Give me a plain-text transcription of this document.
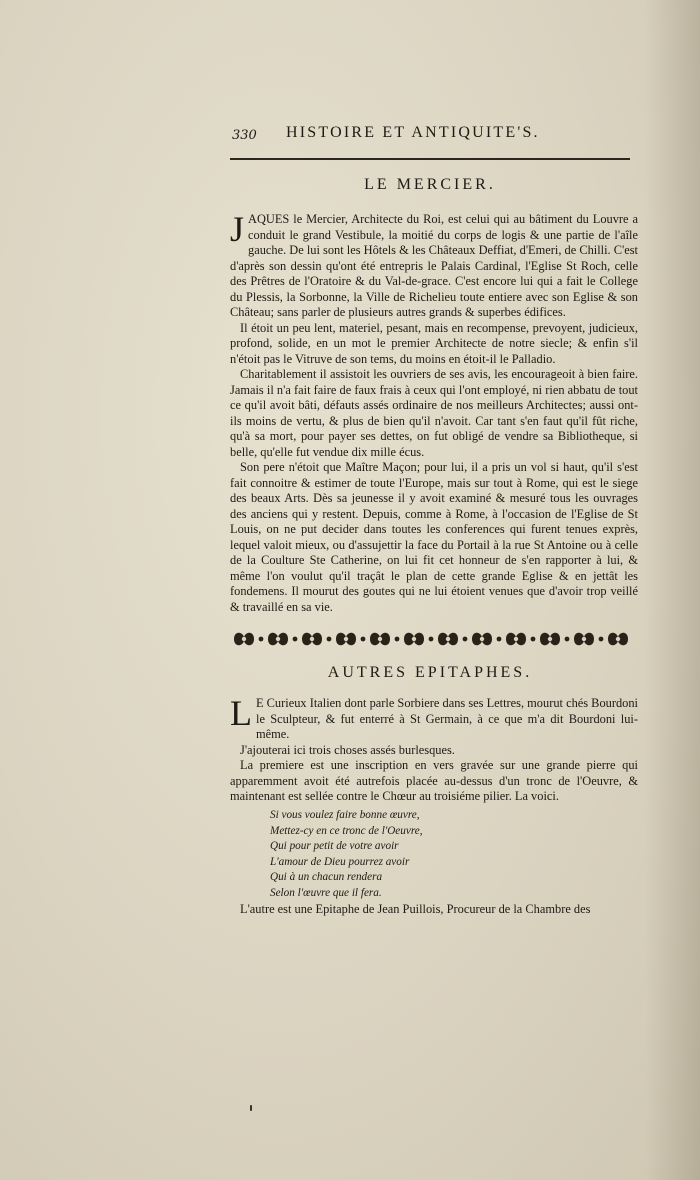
330 HISTOIRE ET ANTIQUITE'S.
LE MERCIER.

JAQUES le Mercier, Architecte du Roi, est celui qui au bâtiment du Louvre a conduit le grand Vestibule, la moitié du corps de logis & une partie de l'aîle gauche. De lui sont les Hôtels & les Châteaux Deffiat, d'Emeri, de Chilli. C'est d'après son dessin qu'ont été entrepris le Palais Cardinal, l'Eglise St Roch, celle des Prêtres de l'Oratoire & du Val-de-grace. C'est encore lui qui a fait le College du Plessis, la Sorbonne, la Ville de Richelieu toute entiere avec son Eglise & son Château; sans parler de plusieurs autres grands & superbes édifices.

Il étoit un peu lent, materiel, pesant, mais en recompense, prevoyent, judicieux, profond, solide, en un mot le premier Architecte de notre siecle; & enfin s'il n'étoit pas le Vitruve de son tems, du moins en étoit-il le Palladio.

Charitablement il assistoit les ouvriers de ses avis, les encourageoit à bien faire. Jamais il n'a fait faire de faux frais à ceux qui l'ont employé, ni rien abbatu de tout ce qu'il avoit bâti, défauts assés ordinaire de nos meilleurs Architectes; aussi ont-ils moins de vertu, & plus de bien qu'il n'avoit. Car tant s'en faut qu'il fût riche, qu'à sa mort, pour payer ses dettes, on fut obligé de vendre sa Bibliotheque, si belle, qu'elle fut vendue dix mille écus.

Son pere n'étoit que Maître Maçon; pour lui, il a pris un vol si haut, qu'il s'est fait connoitre & estimer de toute l'Europe, mais sur tout à Rome, qui est le siege des beaux Arts. Dès sa jeunesse il y avoit examiné & mesuré tous les ouvrages des anciens qui y restent. Depuis, comme à Rome, à l'occasion de l'Eglise de St Louis, on ne put decider dans toutes les conferences qui furent tenues exprès, lequel valoit mieux, ou d'assujettir la face du Portail à la rue St Antoine ou à celle de la Coulture Ste Catherine, on lui fit cet honneur de s'en rapporter à lui, & même l'on voulut qu'il traçât le plan de cette grande Eglise & en jettât les fondemens. Il mourut des goutes qui ne lui étoient venues que d'avoir trop veillé & travaillé en sa vie.

AUTRES EPITAPHES.

L E Curieux Italien dont parle Sorbiere dans ses Lettres, mourut chés Bourdoni le Sculpteur, & fut enterré à St Germain, à ce que m'a dit Bourdoni lui-même.

J'ajouterai ici trois choses assés burlesques.

La premiere est une inscription en vers gravée sur une grande pierre qui apparemment avoit été autrefois placée au-dessus d'un tronc de l'Oeuvre, & maintenant est sellée contre le Chœur au troisiéme pilier. La voici.

Si vous voulez faire bonne œuvre,
Mettez-cy en ce tronc de l'Oeuvre,
Qui pour petit de votre avoir
L'amour de Dieu pourrez avoir
Qui à un chacun rendera
Selon l'œuvre que il fera.
L'autre est une Epitaphe de Jean Puillois, Procureur de la Chambre des
